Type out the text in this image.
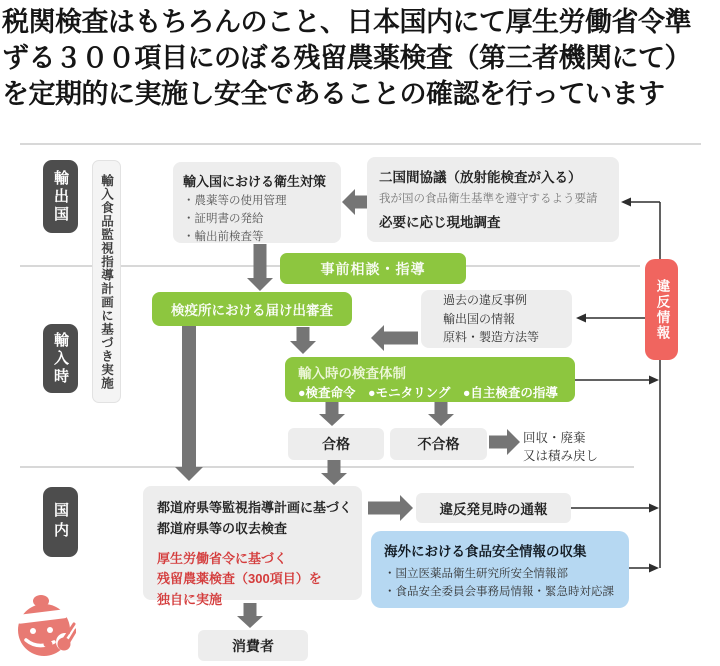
税関検査はもちろんのこと、日本国内にて厚生労働省令準
ずる３００項目にのぼる残留農薬検査（第三者機関にて）
を定期的に実施し安全であることの確認を行っています
輸出国
輸入時
国内
輸入食品監視指導計画に基づき実施	輸入国における衛生対策
・農薬等の使用管理
・証明書の発給
・輸出前検査等
二国間協議（放射能検査が入る）
我が国の食品衛生基準を遵守するよう要請
必要に応じ現地調査
事前相談・指導
検疫所における届け出審査
過去の違反事例
輸出国の情報
原料・製造方法等	違反情報
輸入時の検査体制
●検査命令　●モニタリング　●自主検査の指導
合格	不合格	回収・廃棄
又は積み戻し
都道府県等監視指導計画に基づく
都道府県等の収去検査
厚生労働省令に基づく
残留農薬検査（300項目）を
独自に実施
違反発見時の通報
海外における食品安全情報の収集
・国立医薬品衛生研究所安全情報部
・食品安全委員会事務局情報・緊急時対応課
消費者
